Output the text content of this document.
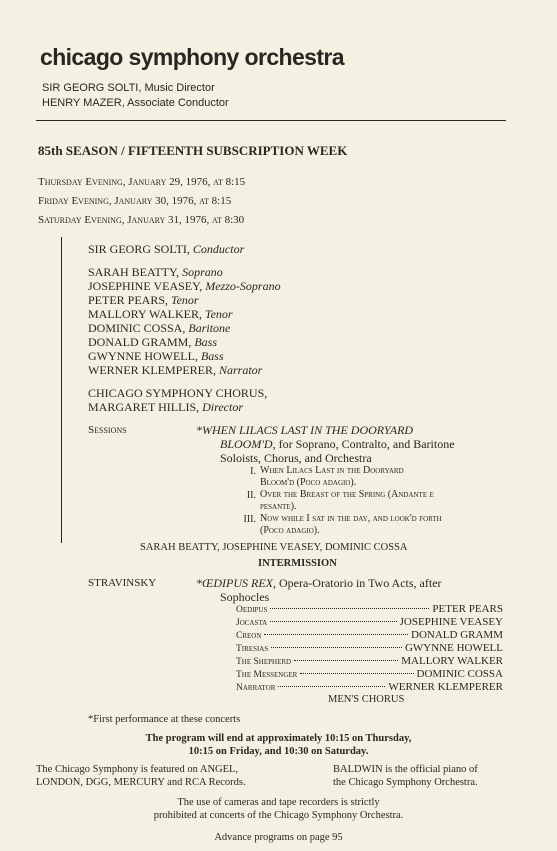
chicago symphony orchestra
SIR GEORG SOLTI, Music Director
HENRY MAZER, Associate Conductor
85th SEASON / FIFTEENTH SUBSCRIPTION WEEK
Thursday Evening, January 29, 1976, at 8:15
Friday Evening, January 30, 1976, at 8:15
Saturday Evening, January 31, 1976, at 8:30
SIR GEORG SOLTI, Conductor
SARAH BEATTY, Soprano
JOSEPHINE VEASEY, Mezzo-Soprano
PETER PEARS, Tenor
MALLORY WALKER, Tenor
DOMINIC COSSA, Baritone
DONALD GRAMM, Bass
GWYNNE HOWELL, Bass
WERNER KLEMPERER, Narrator
CHICAGO SYMPHONY CHORUS,
MARGARET HILLIS, Director
Sessions	*WHEN LILACS LAST IN THE DOORYARD
BLOOM'D, for Soprano, Contralto, and Baritone
Soloists, Chorus, and Orchestra
I. When Lilacs Last in the Dooryard
Bloom'd (Poco adagio).
II. Over the Breast of the Spring (Andante e
pesante).
III. Now while I sat in the day, and look'd forth
(Poco adagio).
SARAH BEATTY, JOSEPHINE VEASEY, DOMINIC COSSA
INTERMISSION
STRAVINSKY	*ŒDIPUS REX, Opera-Oratorio in Two Acts, after
Sophocles
Oedipus	PETER PEARS
Jocasta	JOSEPHINE VEASEY
Creon	DONALD GRAMM
Tiresias	GWYNNE HOWELL
The Shepherd	MALLORY WALKER
The Messenger	DOMINIC COSSA
Narrator	WERNER KLEMPERER
MEN'S CHORUS
*First performance at these concerts
The program will end at approximately 10:15 on Thursday,
10:15 on Friday, and 10:30 on Saturday.
The Chicago Symphony is featured on ANGEL,
LONDON, DGG, MERCURY and RCA Records.
BALDWIN is the official piano of
the Chicago Symphony Orchestra.
The use of cameras and tape recorders is strictly
prohibited at concerts of the Chicago Symphony Orchestra.
Advance programs on page 95
